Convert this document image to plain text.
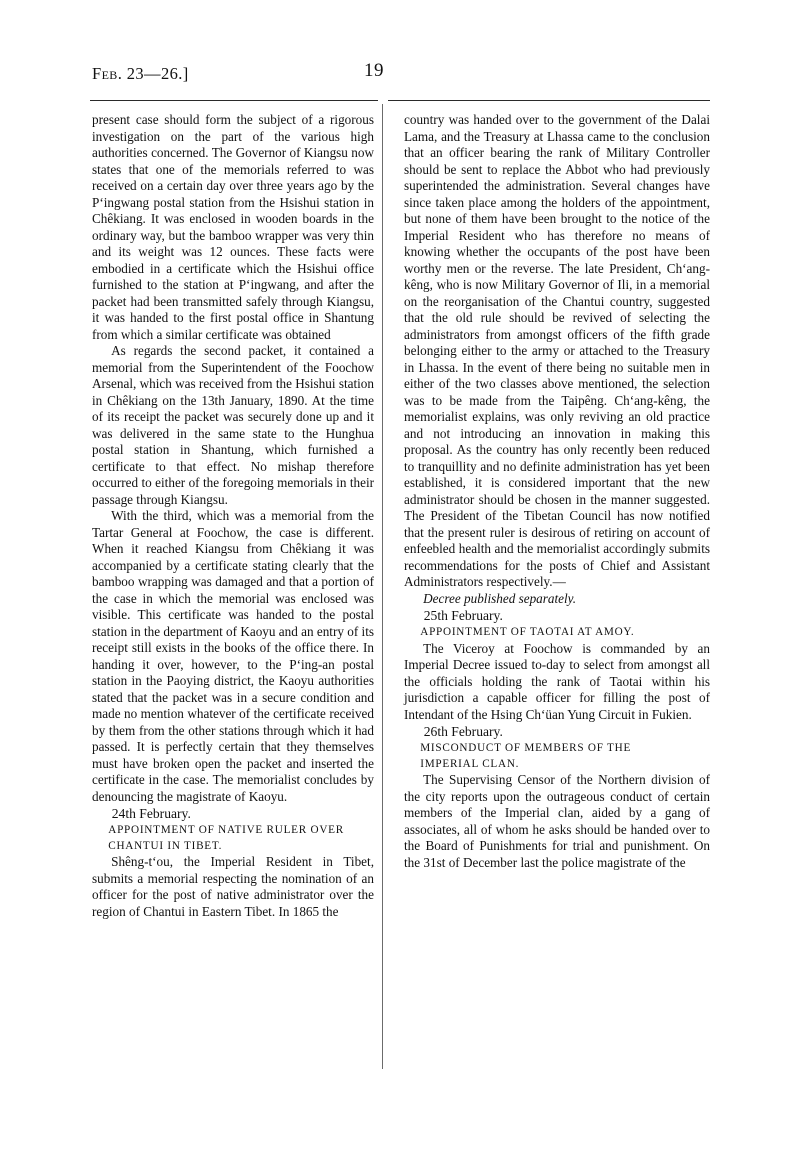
Feb. 23—26.]	19

present case should form the subject of a rigorous investigation on the part of the various high authorities concerned. The Governor of Kiangsu now states that one of the memorials referred to was received on a certain day over three years ago by the P‘ingwang postal station from the Hsishui station in Chêkiang. It was enclosed in wooden boards in the ordinary way, but the bamboo wrapper was very thin and its weight was 12 ounces. These facts were embodied in a certificate which the Hsishui office furnished to the station at P‘ingwang, and after the packet had been transmitted safely through Kiangsu, it was handed to the first postal office in Shantung from which a similar certificate was obtained

As regards the second packet, it contained a memorial from the Superintendent of the Foochow Arsenal, which was received from the Hsishui station in Chêkiang on the 13th January, 1890. At the time of its receipt the packet was securely done up and it was delivered in the same state to the Hunghua postal station in Shantung, which furnished a certificate to that effect. No mishap therefore occurred to either of the foregoing memorials in their passage through Kiangsu.

With the third, which was a memorial from the Tartar General at Foochow, the case is different. When it reached Kiangsu from Chêkiang it was accompanied by a certificate stating clearly that the bamboo wrapping was damaged and that a portion of the case in which the memorial was enclosed was visible. This certificate was handed to the postal station in the department of Kaoyu and an entry of its receipt still exists in the books of the office there. In handing it over, however, to the P‘ing-an postal station in the Paoying district, the Kaoyu authorities stated that the packet was in a secure condition and made no mention whatever of the certificate received by them from the other stations through which it had passed. It is perfectly certain that they themselves must have broken open the packet and inserted the certificate in the case. The memorialist concludes by denouncing the magistrate of Kaoyu.

24th February.

APPOINTMENT OF NATIVE RULER OVER

CHANTUI IN TIBET.

Shêng-t‘ou, the Imperial Resident in Tibet, submits a memorial respecting the nomination of an officer for the post of native administrator over the region of Chantui in Eastern Tibet. In 1865 the

country was handed over to the government of the Dalai Lama, and the Treasury at Lhassa came to the conclusion that an officer bearing the rank of Military Controller should be sent to replace the Abbot who had previously superintended the administration. Several changes have since taken place among the holders of the appointment, but none of them have been brought to the notice of the Imperial Resident who has therefore no means of knowing whether the occupants of the post have been worthy men or the reverse. The late President, Ch‘ang-kêng, who is now Military Governor of Ili, in a memorial on the reorganisation of the Chantui country, suggested that the old rule should be revived of selecting the administrators from amongst officers of the fifth grade belonging either to the army or attached to the Treasury in Lhassa. In the event of there being no suitable men in either of the two classes above mentioned, the selection was to be made from the Taipêng. Ch‘ang-kêng, the memorialist explains, was only reviving an old practice and not introducing an innovation in making this proposal. As the country has only recently been reduced to tranquillity and no definite administration has yet been established, it is considered important that the new administrator should be chosen in the manner suggested. The President of the Tibetan Council has now notified that the present ruler is desirous of retiring on account of enfeebled health and the memorialist accordingly submits recommendations for the posts of Chief and Assistant Administrators respectively.—

Decree published separately.

25th February.

APPOINTMENT OF TAOTAI AT AMOY.

The Viceroy at Foochow is commanded by an Imperial Decree issued to-day to select from amongst all the officials holding the rank of Taotai within his jurisdiction a capable officer for filling the post of Intendant of the Hsing Ch‘üan Yung Circuit in Fukien.

26th February.

MISCONDUCT OF MEMBERS OF THE

IMPERIAL CLAN.

The Supervising Censor of the Northern division of the city reports upon the outrageous conduct of certain members of the Imperial clan, aided by a gang of associates, all of whom he asks should be handed over to the Board of Punishments for trial and punishment. On the 31st of December last the police magistrate of the
